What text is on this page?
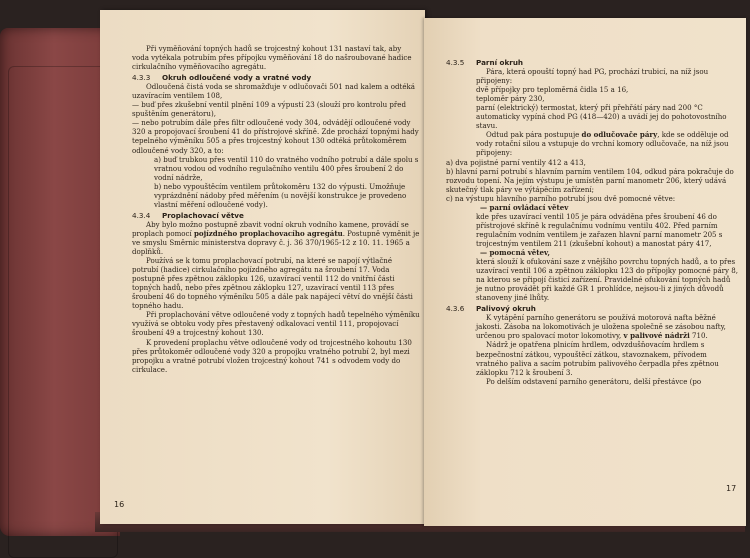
Při vyměňování topných hadů se trojcestný kohout 131 nastaví tak, aby voda vytékala potrubím přes přípojku vyměňování 18 do našroubované hadice cirkulačního vyměňovacího agregátu.

4.3.3 Okruh odloučené vody a vratné vody

Odloučená čistá voda se shromažďuje v odlučovači 501 nad kalem a odtéká uzavíracím ventilem 108,

— buď přes zkušební ventil plnění 109 a výpustí 23 (slouží pro kontrolu před spuštěním generátoru),

— nebo potrubím dále přes filtr odloučené vody 304, odvádějí odloučené vody 320 a propojovací šroubení 41 do přístrojové skříně. Zde prochází topnými hady tepelného výměníku 505 a přes trojcestný kohout 130 odtéká průtokoměrem odloučené vody 320, a to:

a) buď trubkou přes ventil 110 do vratného vodního potrubí a dále spolu s vratnou vodou od vodního regulačního ventilu 400 přes šroubení 2 do vodní nádrže,

b) nebo vypouštěcím ventilem průtokoměru 132 do výpusti. Umožňuje vyprázdnění nádoby před měřením (u novější konstrukce je provedeno vlastní měření odloučené vody).

4.3.4 Proplachovací větve

Aby bylo možno postupně zbavit vodní okruh vodního kamene, provádí se proplach pomocí pojízdného proplachovacího agregátu. Postupně vyměnit je ve smyslu Směrnic ministerstva dopravy č. j. 36 370/1965-12 z 10. 11. 1965 a doplňků.

Používá se k tomu proplachovací potrubí, na které se napojí výtlačné potrubí (hadice) cirkulačního pojízdného agregátu na šroubení 17. Voda postupně přes zpětnou záklopku 126, uzavírací ventil 112 do vnitřní části topných hadů, nebo přes zpětnou záklopku 127, uzavírací ventil 113 přes šroubení 46 do topného výměníku 505 a dále pak napájecí větví do vnější části topného hadu.

Při proplachování větve odloučené vody z topných hadů tepelného výměníku využívá se obtoku vody přes přestavený odkalovací ventil 111, propojovací šroubení 49 a trojcestný kohout 130.

K provedení proplachu větve odloučené vody od trojcestného kohoutu 130 přes průtokoměr odloučené vody 320 a propojku vratného potrubí 2, byl mezi propojku a vratné potrubí vložen trojcestný kohout 741 s odvodem vody do cirkulace.

16
4.3.5 Parní okruh

Pára, která opouští topný had PG, prochází trubicí, na níž jsou připojeny:

dvě přípojky pro teploměrná čidla 15 a 16,

teploměr páry 230,

parní (elektrický) termostat, který při přehřátí páry nad 200 °C automaticky vypíná chod PG (418—420) a uvádí jej do pohotovostního stavu.

Odtud pak pára postupuje do odlučovače páry, kde se odděluje od vody rotační silou a vstupuje do vrchní komory odlučovače, na níž jsou připojeny:

a) dva pojistné parní ventily 412 a 413,

b) hlavní parní potrubí s hlavním parním ventilem 104, odkud pára pokračuje do rozvodu topení. Na jejím výstupu je umístěn parní manometr 206, který udává skutečný tlak páry ve výtápěcím zařízení;

c) na výstupu hlavního parního potrubí jsou dvě pomocné větve:

— parní ovládací větev

kde přes uzavírací ventil 105 je pára odváděna přes šroubení 46 do přístrojové skříně k regulačnímu vodnímu ventilu 402. Před parním regulačním vodním ventilem je zařazen hlavní parní manometr 205 s trojcestným ventilem 211 (zkušební kohout) a manostat páry 417,

— pomocná větev,

která slouží k ofukování saze z vnějšího povrchu topných hadů, a to přes uzavírací ventil 106 a zpětnou záklopku 123 do přípojky pomocné páry 8, na kterou se připojí čisticí zařízení. Pravidelné ofukování topných hadů je nutno provádět při každé GR 1 prohlídce, nejsou-li z jiných důvodů stanoveny jiné lhůty.

4.3.6 Palivový okruh

K vytápění parního generátoru se používá motorová nafta běžné jakosti. Zásoba na lokomotivách je uložena společně se zásobou nafty, určenou pro spalovací motor lokomotivy, v palivové nádrži 710.

Nádrž je opatřena plnicím hrdlem, odvzdušňovacím hrdlem s bezpečnostní zátkou, vypouštěcí zátkou, stavoznakem, přívodem vratného paliva a sacím potrubím palivového čerpadla přes zpětnou záklopku 712 k šroubení 3.

Po delším odstavení parního generátoru, delší přestávce (po

17
